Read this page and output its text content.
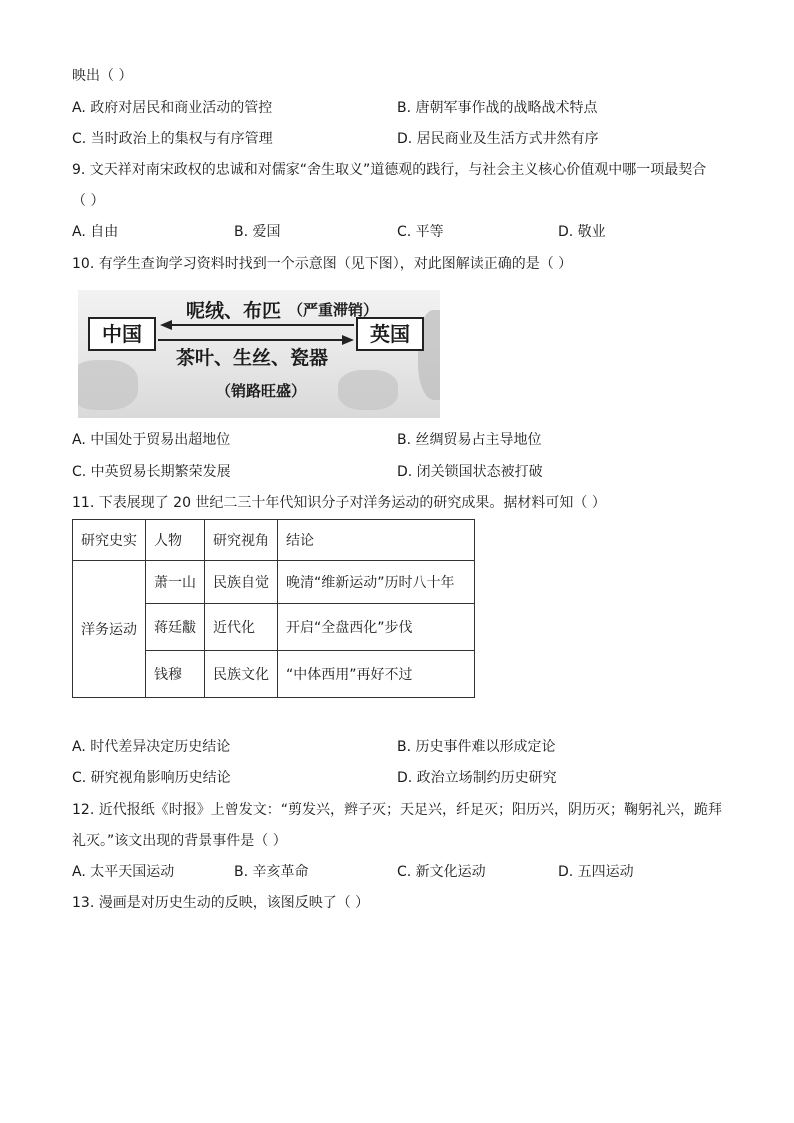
映出（ ）
A. 政府对居民和商业活动的管控	B. 唐朝军事作战的战略战术特点
C. 当时政治上的集权与有序管理	D. 居民商业及生活方式井然有序
9. 文天祥对南宋政权的忠诚和对儒家“舍生取义”道德观的践行，与社会主义核心价值观中哪一项最契合
（ ）
A. 自由	B. 爱国	C. 平等	D. 敬业
10. 有学生查询学习资料时找到一个示意图（见下图），对此图解读正确的是（ ）
中国	英国
呢绒、布匹 （严重滞销）
茶叶、生丝、瓷器
（销路旺盛）
A. 中国处于贸易出超地位	B. 丝绸贸易占主导地位
C. 中英贸易长期繁荣发展	D. 闭关锁国状态被打破
11. 下表展现了 20 世纪二三十年代知识分子对洋务运动的研究成果。据材料可知（ ）
研究史实	人物	研究视角	结论
洋务运动	萧一山	民族自觉	晚清“维新运动”历时八十年
	蒋廷黻	近代化	开启“全盘西化”步伐
	钱穆	民族文化	“中体西用”再好不过
A. 时代差异决定历史结论	B. 历史事件难以形成定论
C. 研究视角影响历史结论	D. 政治立场制约历史研究
12. 近代报纸《时报》上曾发文：“剪发兴，辫子灭；天足兴，纤足灭；阳历兴，阴历灭；鞠躬礼兴，跪拜
礼灭。”该文出现的背景事件是（ ）
A. 太平天国运动	B. 辛亥革命	C. 新文化运动	D. 五四运动
13. 漫画是对历史生动的反映，该图反映了（ ）
